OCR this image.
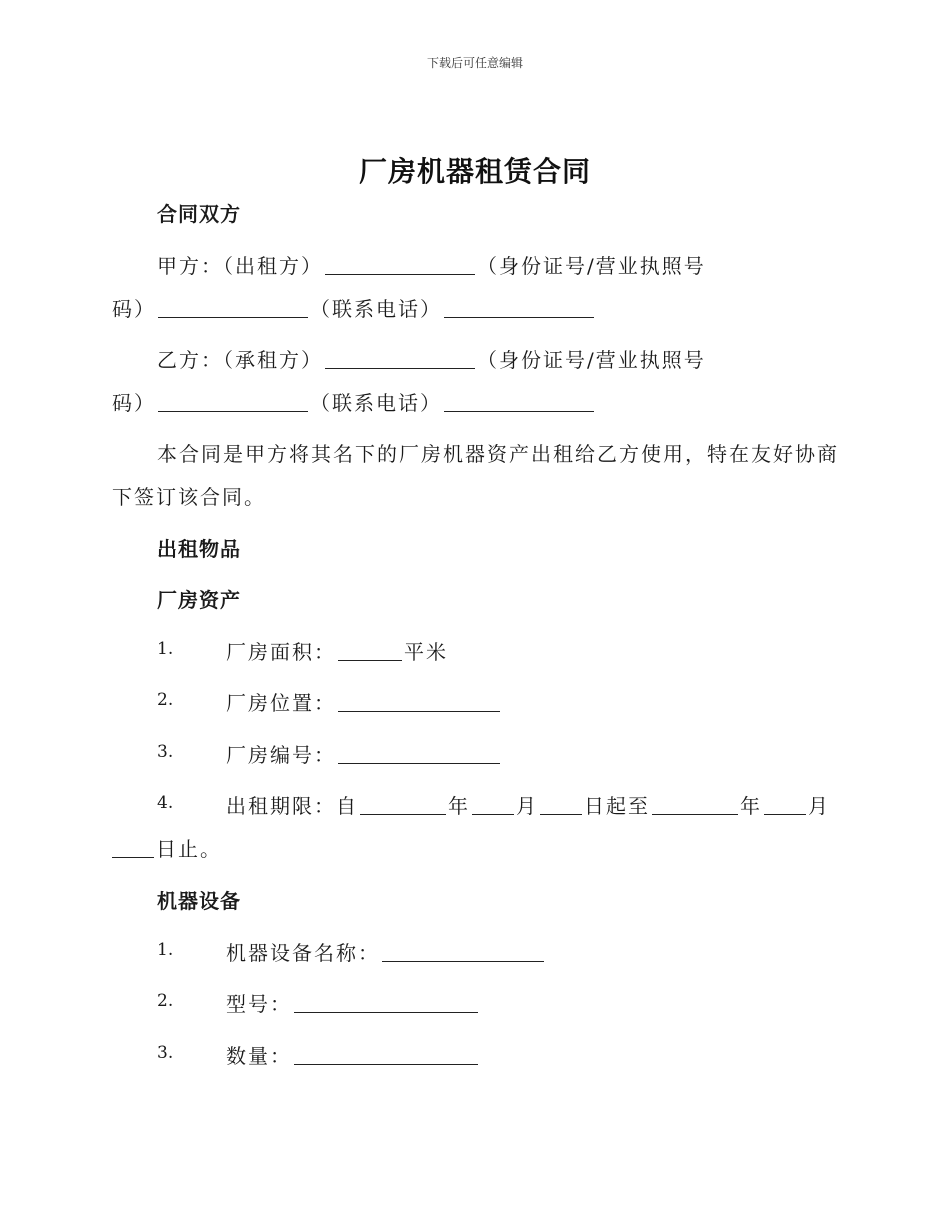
下载后可任意编辑
厂房机器租赁合同
合同双方
甲方：（出租方）	（身份证号/营业执照号
码）	（联系电话）
乙方：（承租方）	（身份证号/营业执照号
码）	（联系电话）
本合同是甲方将其名下的厂房机器资产出租给乙方使用，特在友好协商
下签订该合同。
出租物品
厂房资产
1.	厂房面积：	平米
2.	厂房位置：
3.	厂房编号：
4.	出租期限：自	年 月 日起至	年 月
日止。
机器设备
1.	机器设备名称：
2.	型号：
3.	数量：
